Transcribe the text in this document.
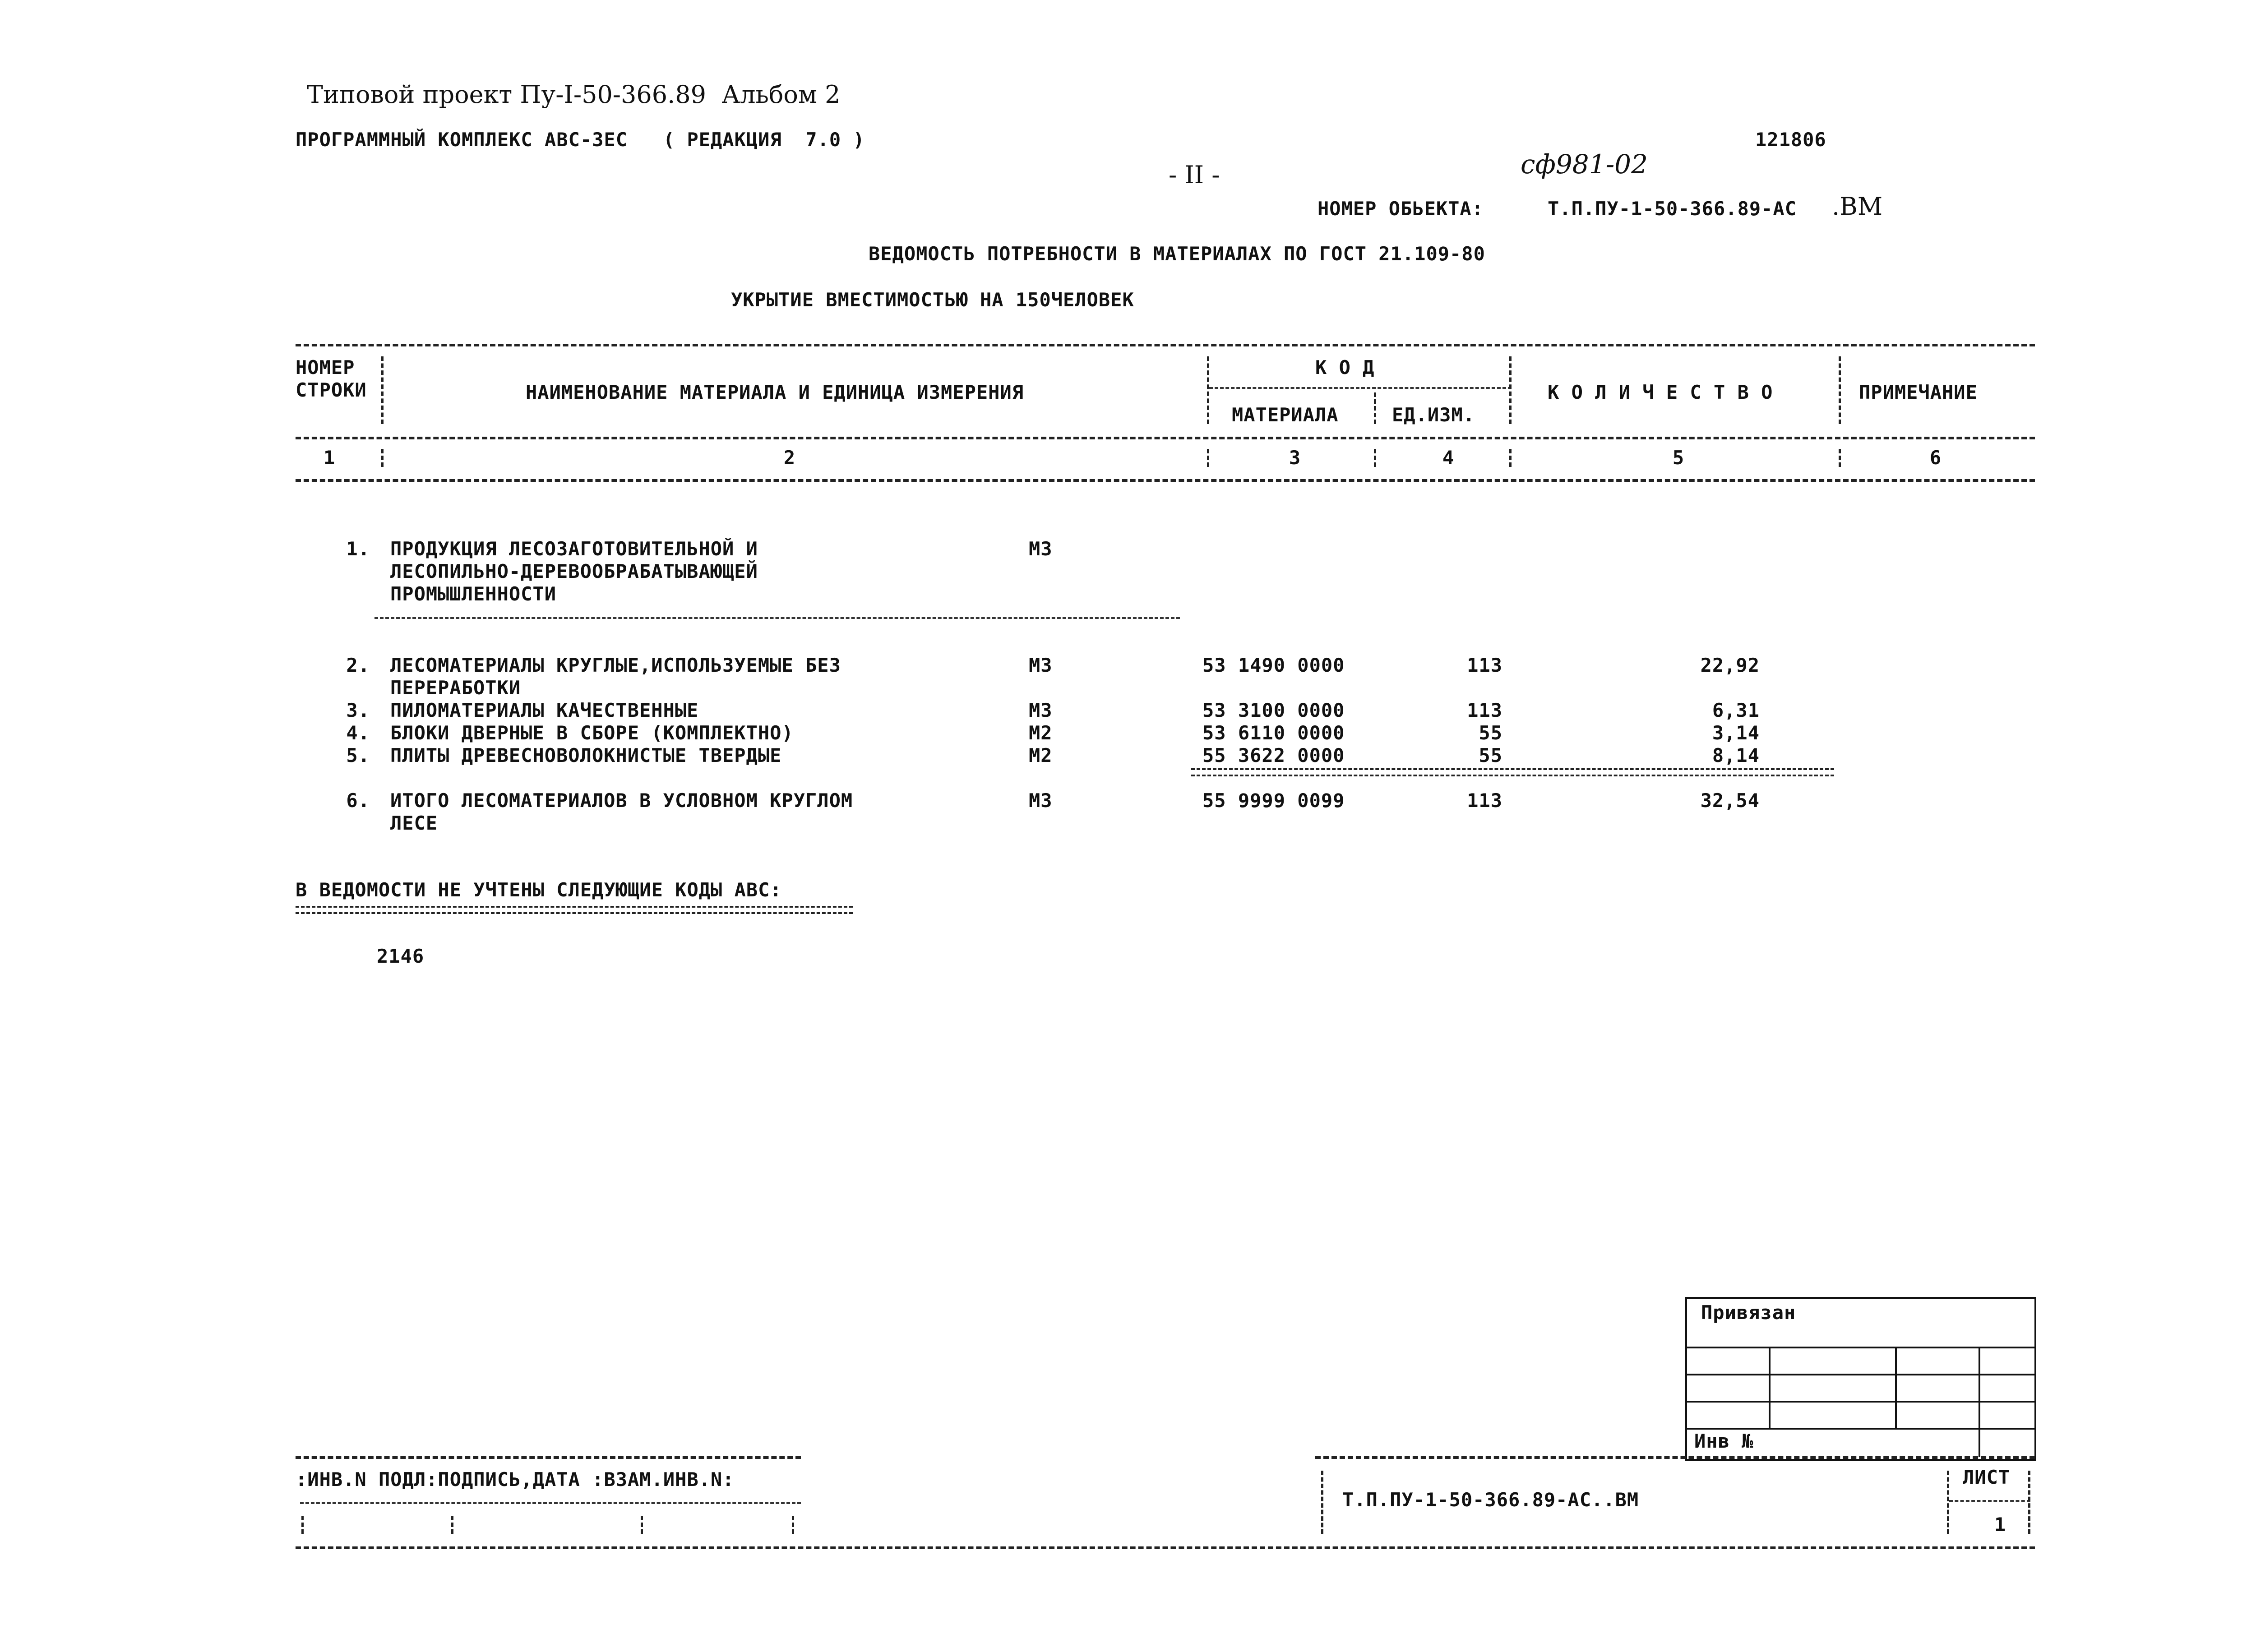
Типовой проект Пу-I-50-366.89  Альбом 2
ПРОГРАММНЫЙ КОМПЛЕКС АВС-3ЕС   ( РЕДАКЦИЯ  7.0 )	121806
- II -	сф981-02
НОМЕР ОБЬЕКТА:	Т.П.ПУ-1-50-366.89-АС .ВМ
ВЕДОМОСТЬ ПОТРЕБНОСТИ В МАТЕРИАЛАХ ПО ГОСТ 21.109-80
УКРЫТИЕ ВМЕСТИМОСТЬЮ НА 150ЧЕЛОВЕК
НОМЕР
СТРОКИ	НАИМЕНОВАНИЕ МАТЕРИАЛА И ЕДИНИЦА ИЗМЕРЕНИЯ
К О Д
МАТЕРИАЛА	ЕД.ИЗМ.
К О Л И Ч Е С Т В О	ПРИМЕЧАНИЕ
1	2	3	4	5	6
1. ПРОДУКЦИЯ ЛЕСОЗАГОТОВИТЕЛЬНОЙ И
ЛЕСОПИЛЬНО-ДЕРЕВООБРАБАТЫВАЮЩЕЙ
ПРОМЫШЛЕННОСТИ
М3
2. ЛЕСОМАТЕРИАЛЫ КРУГЛЫЕ,ИСПОЛЬЗУЕМЫЕ БЕЗ
ПЕРЕРАБОТКИ
М3	53 1490 0000	113	22,92
3. ПИЛОМАТЕРИАЛЫ КАЧЕСТВЕННЫЕ	М3	53 3100 0000	113	6,31
4. БЛОКИ ДВЕРНЫЕ В СБОРЕ (КОМПЛЕКТНО)	М2	53 6110 0000	55	3,14
5. ПЛИТЫ ДРЕВЕСНОВОЛОКНИСТЫЕ ТВЕРДЫЕ	М2	55 3622 0000	55	8,14
6. ИТОГО ЛЕСОМАТЕРИАЛОВ В УСЛОВНОМ КРУГЛОМ
ЛЕСЕ
М3	55 9999 0099	113	32,54
В ВЕДОМОСТИ НЕ УЧТЕНЫ СЛЕДУЮЩИЕ КОДЫ АВС:
2146
Привязан
Инв №
:ИНВ.N ПОДЛ:ПОДПИСЬ,ДАТА :ВЗАМ.ИНВ.N:
Т.П.ПУ-1-50-366.89-АС..ВМ
ЛИСТ
1
